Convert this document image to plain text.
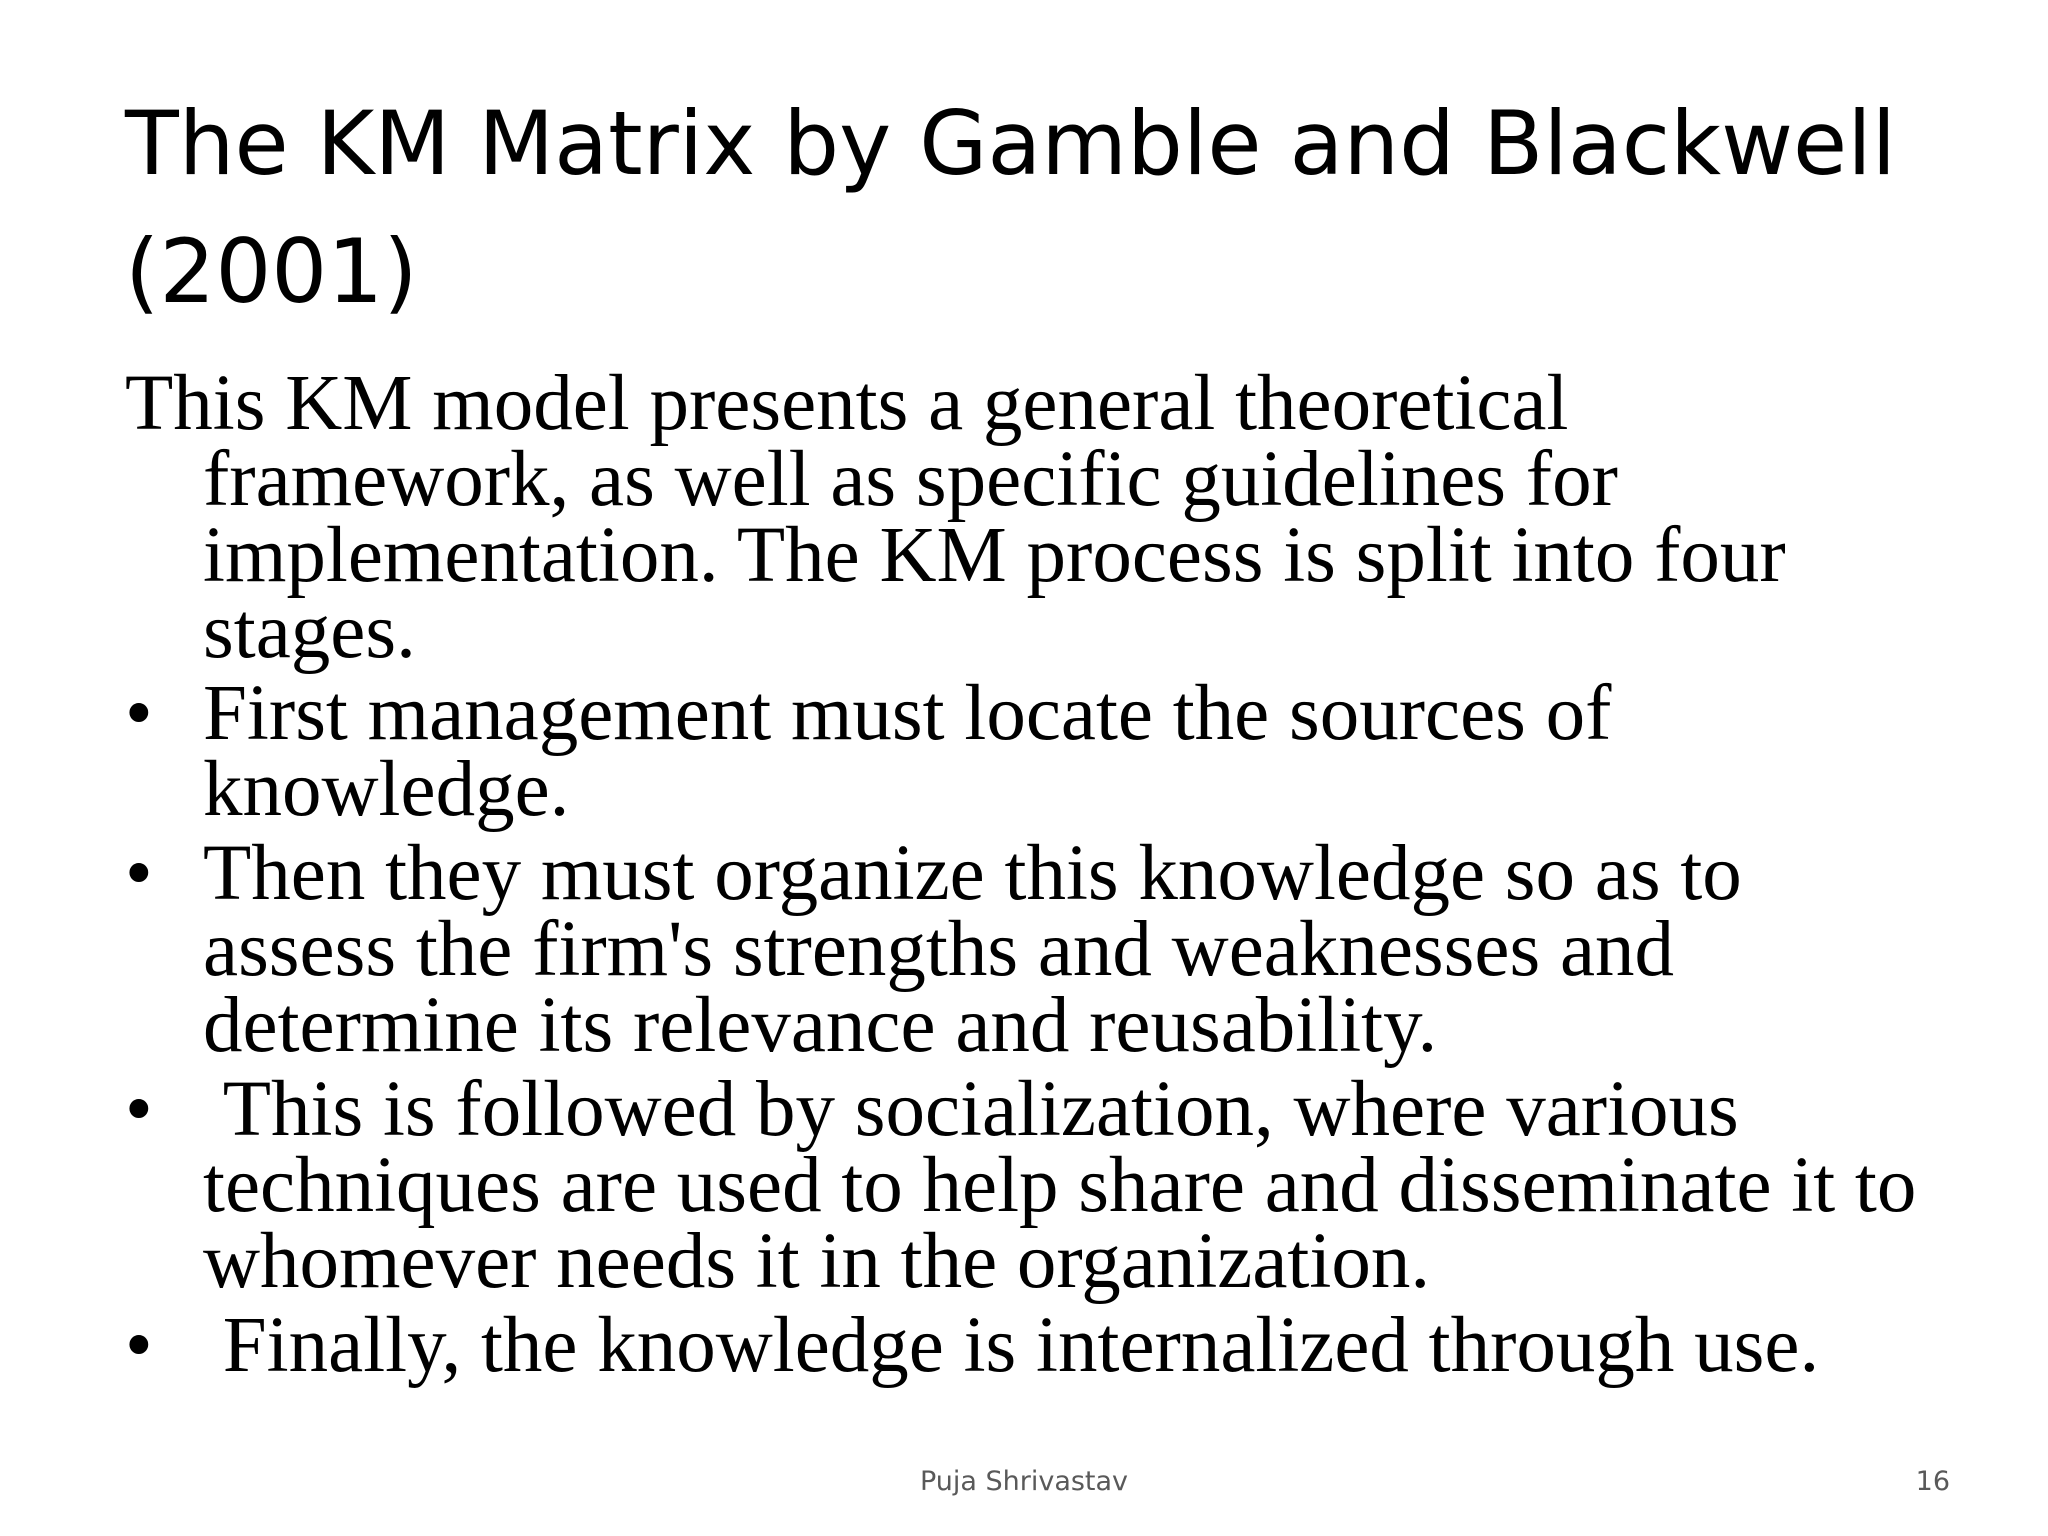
The KM Matrix by Gamble and Blackwell (2001)

This KM model presents a general theoretical framework, as well as specific guidelines for implementation. The KM process is split into four stages.

• First management must locate the sources of knowledge.
• Then they must organize this knowledge so as to assess the firm's strengths and weaknesses and determine its relevance and reusability.
• This is followed by socialization, where various techniques are used to help share and disseminate it to whomever needs it in the organization.
• Finally, the knowledge is internalized through use.
Puja Shrivastav	16
